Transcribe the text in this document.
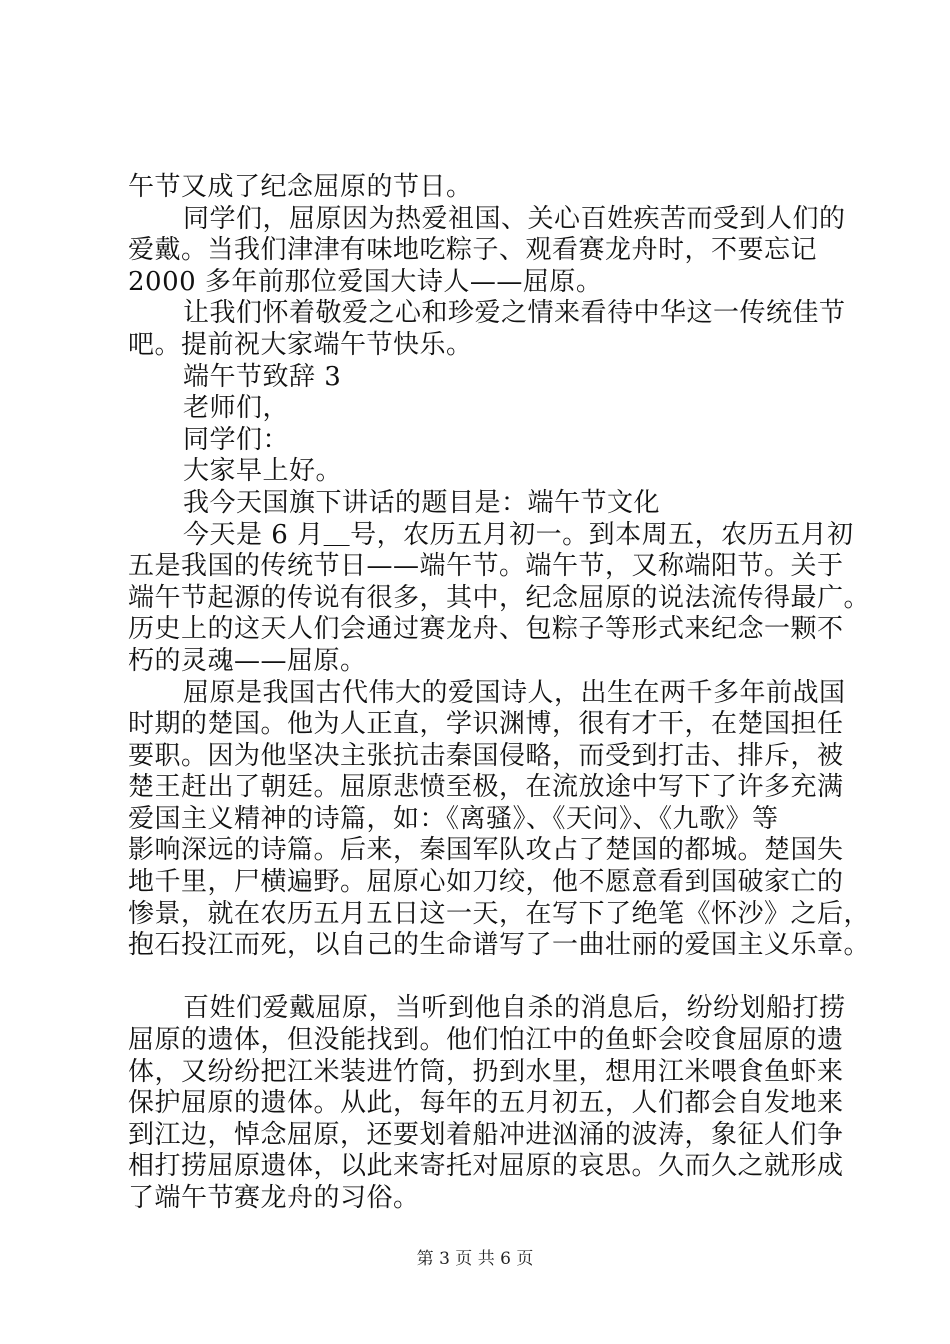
午节又成了纪念屈原的节日。
同学们，屈原因为热爱祖国、关心百姓疾苦而受到人们的
爱戴。当我们津津有味地吃粽子、观看赛龙舟时，不要忘记
2000 多年前那位爱国大诗人——屈原。
让我们怀着敬爱之心和珍爱之情来看待中华这一传统佳节
吧。提前祝大家端午节快乐。
端午节致辞 3
老师们，
同学们：
大家早上好。
我今天国旗下讲话的题目是：端午节文化
今天是 6 月＿号，农历五月初一。到本周五，农历五月初
五是我国的传统节日——端午节。端午节，又称端阳节。关于
端午节起源的传说有很多，其中，纪念屈原的说法流传得最广。
历史上的这天人们会通过赛龙舟、包粽子等形式来纪念一颗不
朽的灵魂——屈原。
屈原是我国古代伟大的爱国诗人，出生在两千多年前战国
时期的楚国。他为人正直，学识渊博，很有才干，在楚国担任
要职。因为他坚决主张抗击秦国侵略，而受到打击、排斥，被
楚王赶出了朝廷。屈原悲愤至极，在流放途中写下了许多充满
爱国主义精神的诗篇，如：《离骚》、《天问》、《九歌》等
影响深远的诗篇。后来，秦国军队攻占了楚国的都城。楚国失
地千里，尸横遍野。屈原心如刀绞，他不愿意看到国破家亡的
惨景，就在农历五月五日这一天，在写下了绝笔《怀沙》之后，
抱石投江而死，以自己的生命谱写了一曲壮丽的爱国主义乐章。
百姓们爱戴屈原，当听到他自杀的消息后，纷纷划船打捞
屈原的遗体，但没能找到。他们怕江中的鱼虾会咬食屈原的遗
体，又纷纷把江米装进竹筒，扔到水里，想用江米喂食鱼虾来
保护屈原的遗体。从此，每年的五月初五，人们都会自发地来
到江边，悼念屈原，还要划着船冲进汹涌的波涛，象征人们争
相打捞屈原遗体，以此来寄托对屈原的哀思。久而久之就形成
了端午节赛龙舟的习俗。
第 3 页 共 6 页
